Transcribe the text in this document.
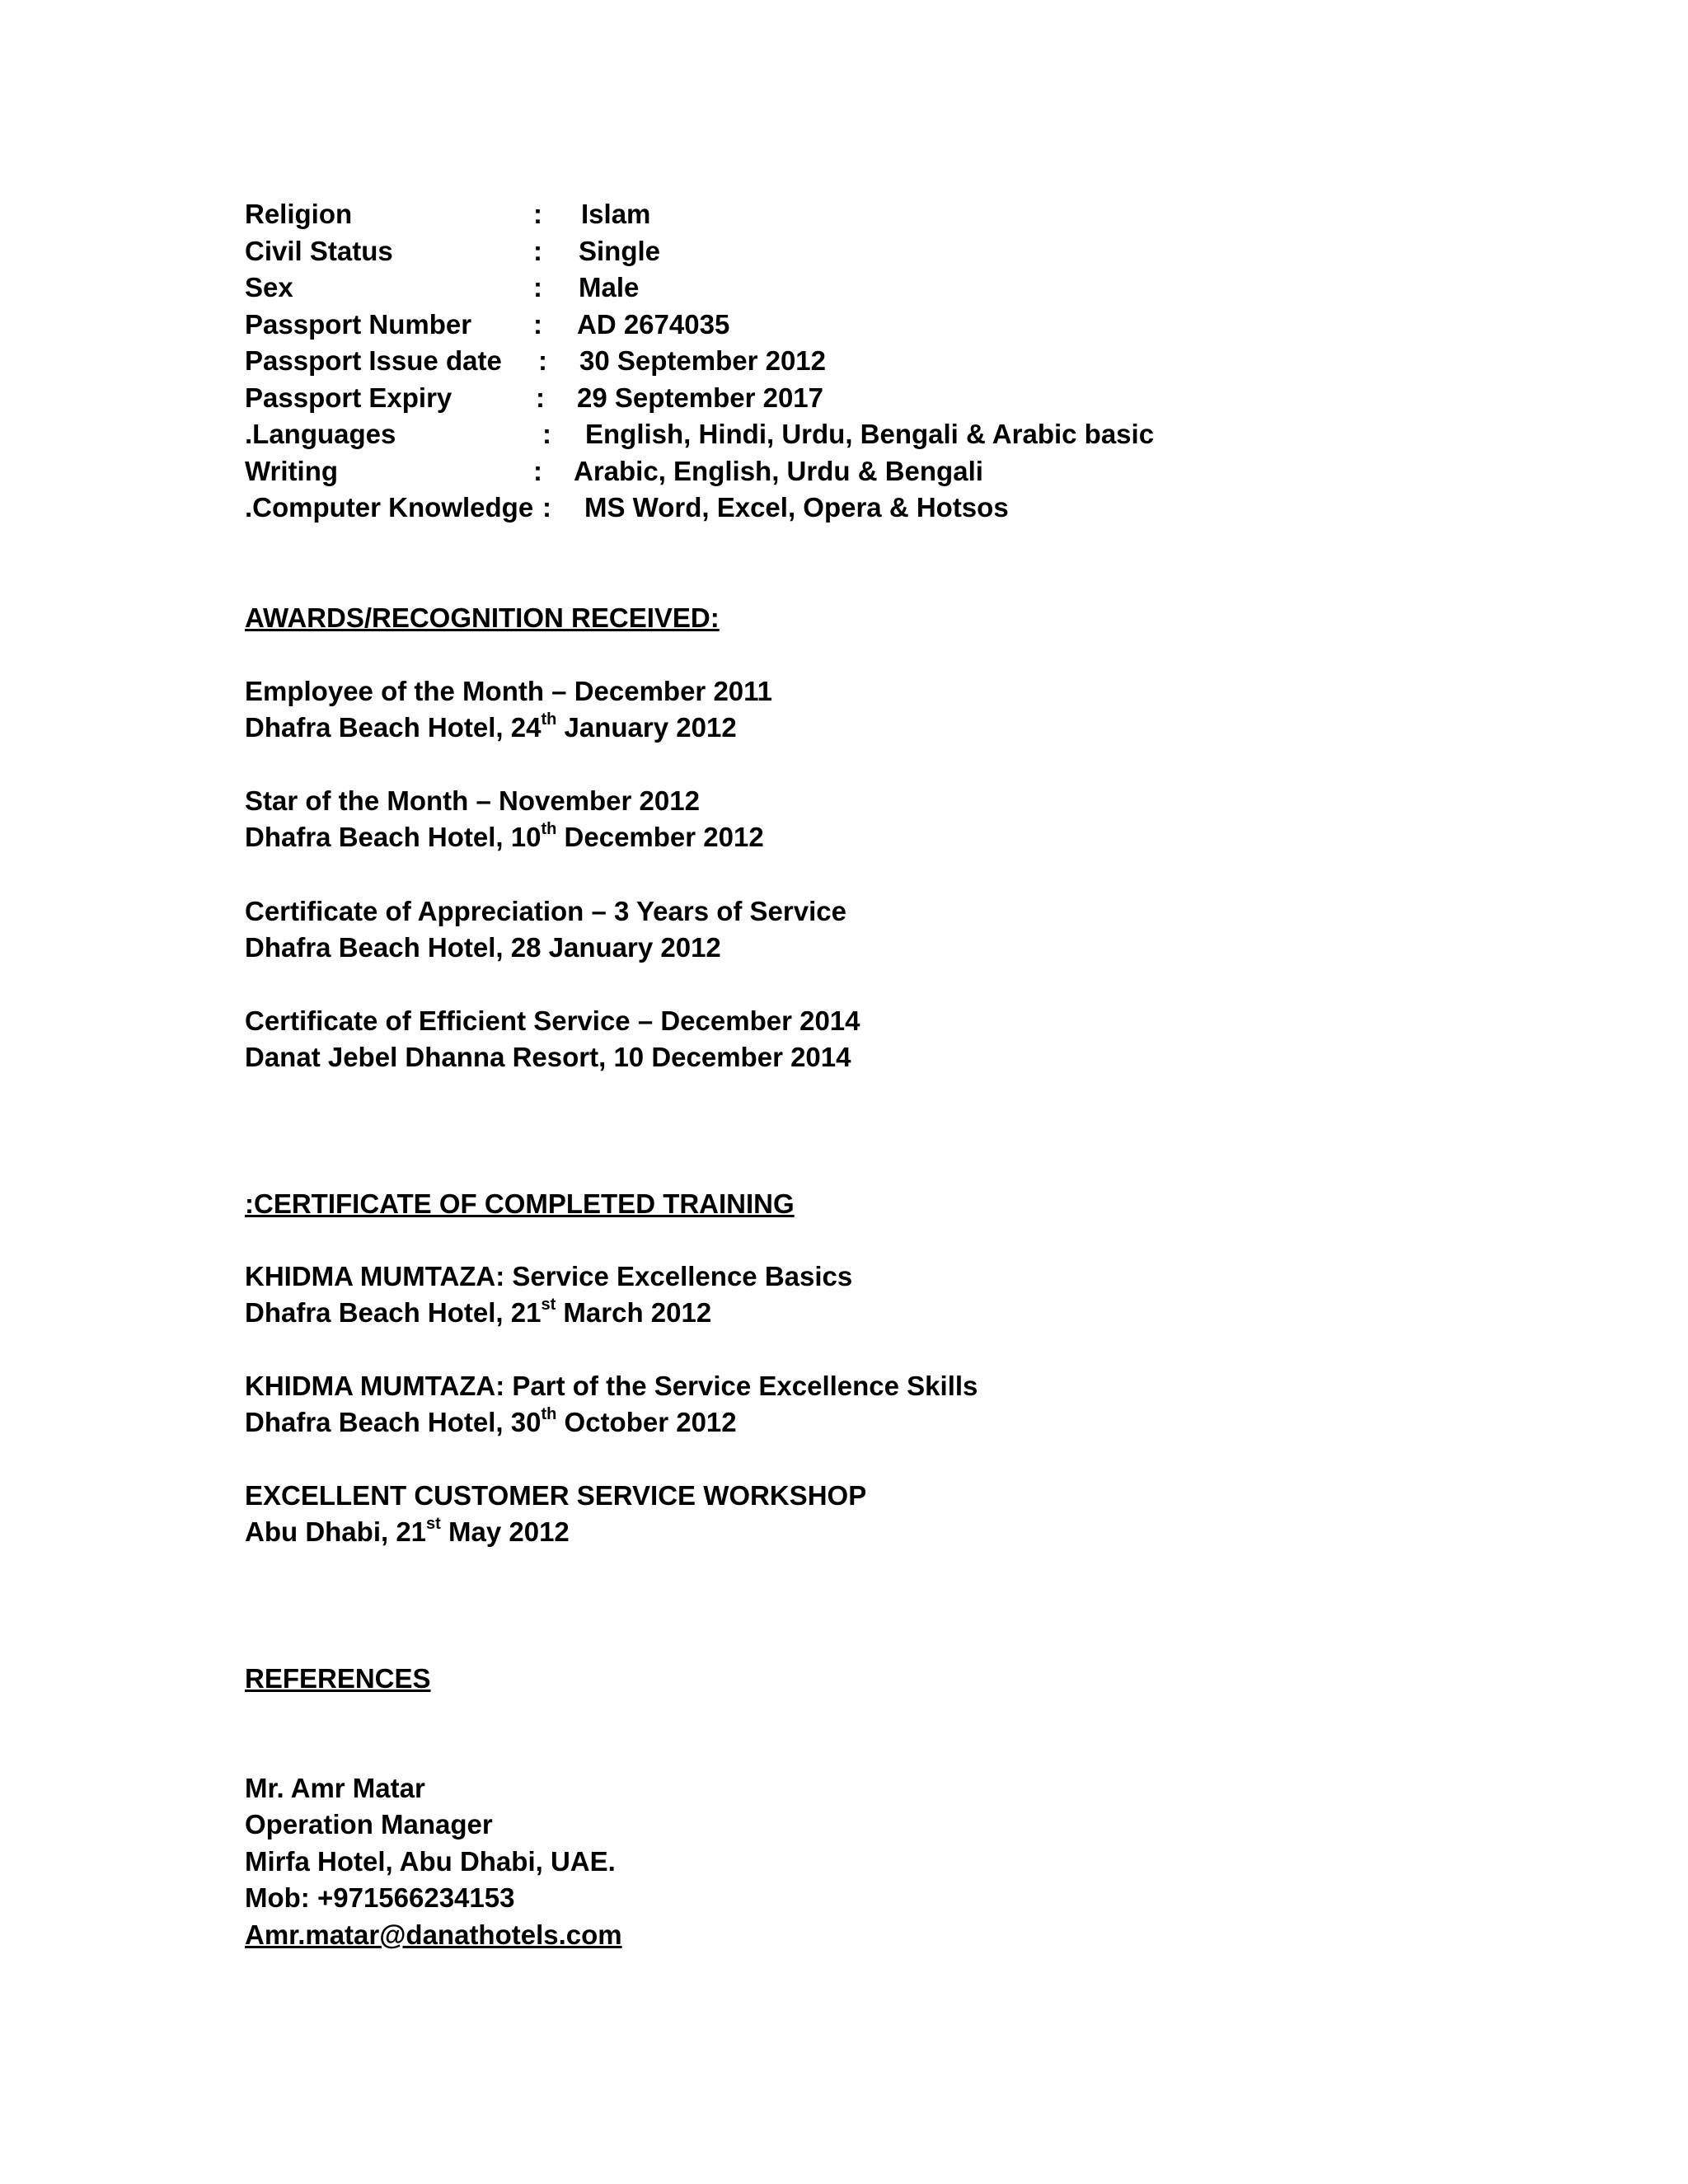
Religion	: Islam
Civil Status	: Single
Sex	: Male
Passport Number : AD 2674035
Passport Issue date : 30 September 2012
Passport Expiry	: 29 September 2017
.Languages	: English, Hindi, Urdu, Bengali & Arabic basic
Writing	: Arabic, English, Urdu & Bengali
.Computer Knowledge : MS Word, Excel, Opera & Hotsos
AWARDS/RECOGNITION RECEIVED:
Employee of the Month – December 2011
Dhafra Beach Hotel, 24th January 2012
Star of the Month – November 2012
Dhafra Beach Hotel, 10th December 2012
Certificate of Appreciation – 3 Years of Service
Dhafra Beach Hotel, 28 January 2012
Certificate of Efficient Service – December 2014
Danat Jebel Dhanna Resort, 10 December 2014
:CERTIFICATE OF COMPLETED TRAINING
KHIDMA MUMTAZA: Service Excellence Basics
Dhafra Beach Hotel, 21st March 2012
KHIDMA MUMTAZA: Part of the Service Excellence Skills
Dhafra Beach Hotel, 30th October 2012
EXCELLENT CUSTOMER SERVICE WORKSHOP
Abu Dhabi, 21st May 2012
REFERENCES
Mr. Amr Matar
Operation Manager
Mirfa Hotel, Abu Dhabi, UAE.
Mob: +971566234153
Amr.matar@danathotels.com
